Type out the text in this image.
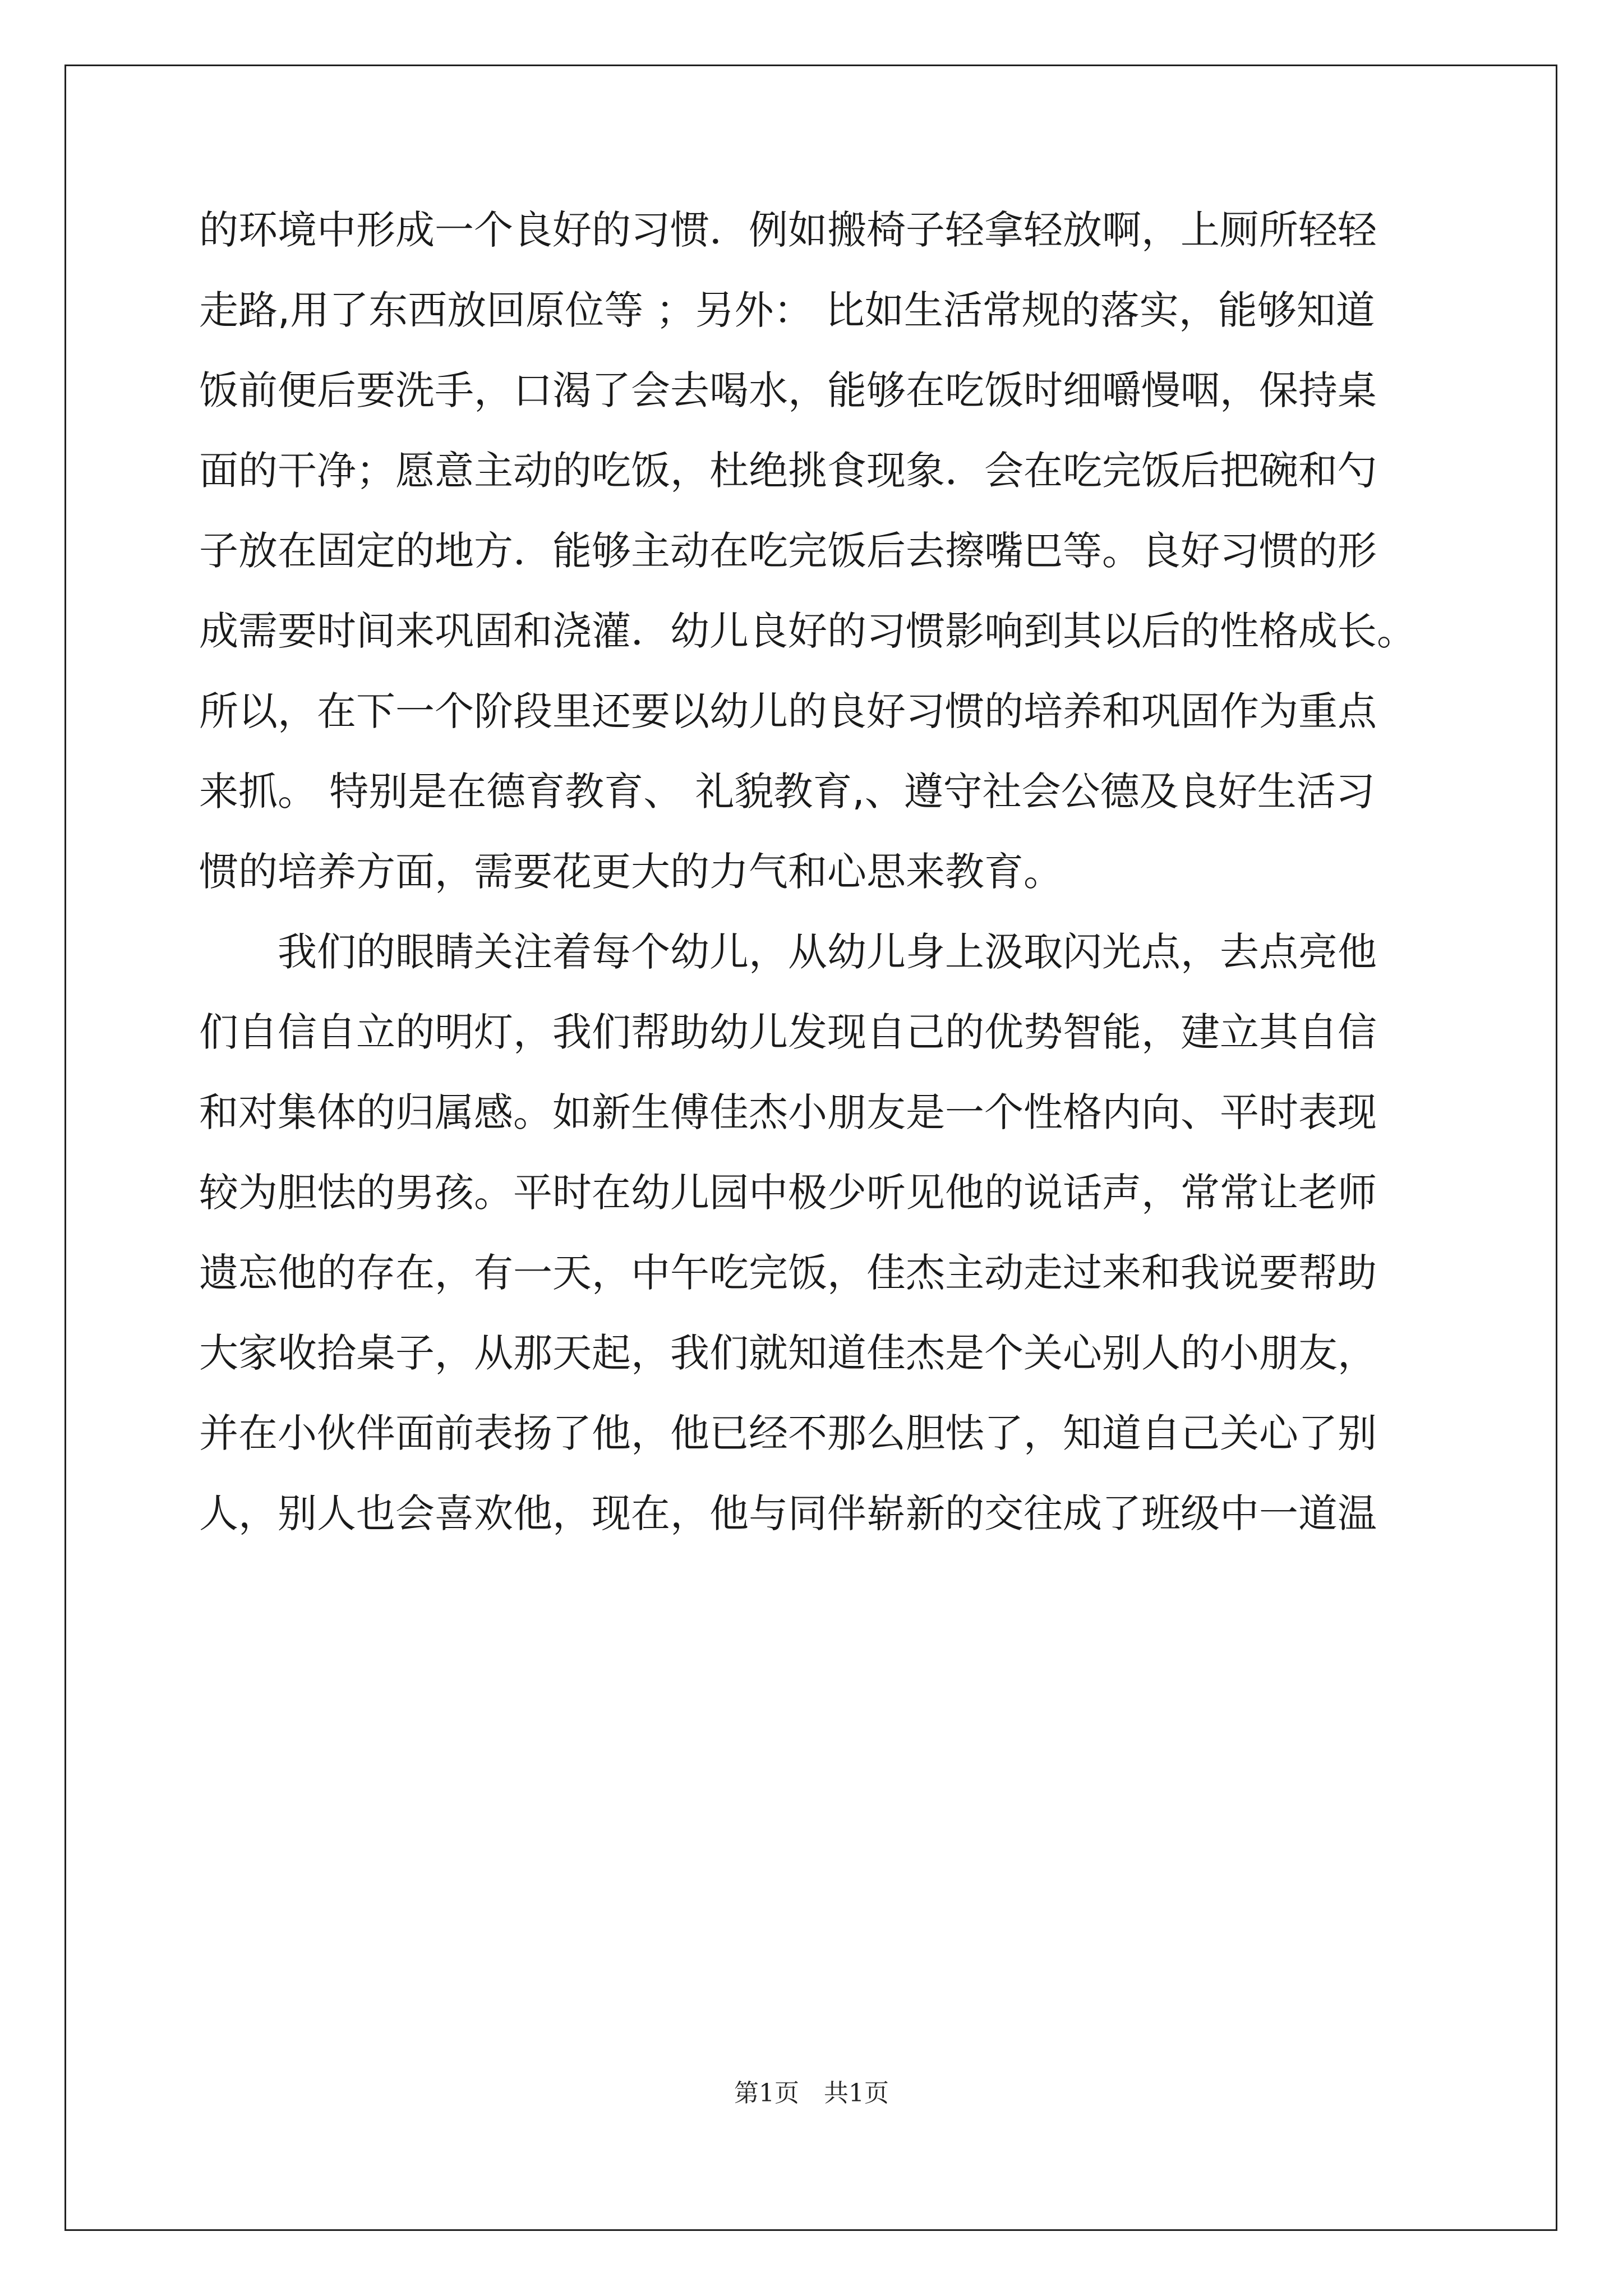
的环境中形成一个良好的习惯．例如搬椅子轻拿轻放啊，上厕所轻轻
走路,用了东西放回原位等 ；另外： 比如生活常规的落实，能够知道
饭前便后要洗手，口渴了会去喝水，能够在吃饭时细嚼慢咽，保持桌
面的干净；愿意主动的吃饭，杜绝挑食现象．会在吃完饭后把碗和勺
子放在固定的地方．能够主动在吃完饭后去擦嘴巴等。良好习惯的形
成需要时间来巩固和浇灌．幼儿良好的习惯影响到其以后的性格成长。
所以，在下一个阶段里还要以幼儿的良好习惯的培养和巩固作为重点
来抓。 特别是在德育教育、 礼貌教育,、遵守社会公德及良好生活习
惯的培养方面，需要花更大的力气和心思来教育。
　　我们的眼睛关注着每个幼儿，从幼儿身上汲取闪光点，去点亮他
们自信自立的明灯，我们帮助幼儿发现自己的优势智能，建立其自信
和对集体的归属感。如新生傅佳杰小朋友是一个性格内向、平时表现
较为胆怯的男孩。平时在幼儿园中极少听见他的说话声，常常让老师
遗忘他的存在，有一天，中午吃完饭，佳杰主动走过来和我说要帮助
大家收拾桌子，从那天起，我们就知道佳杰是个关心别人的小朋友，
并在小伙伴面前表扬了他，他已经不那么胆怯了，知道自己关心了别
人，别人也会喜欢他，现在，他与同伴崭新的交往成了班级中一道温
第1页　共1页
